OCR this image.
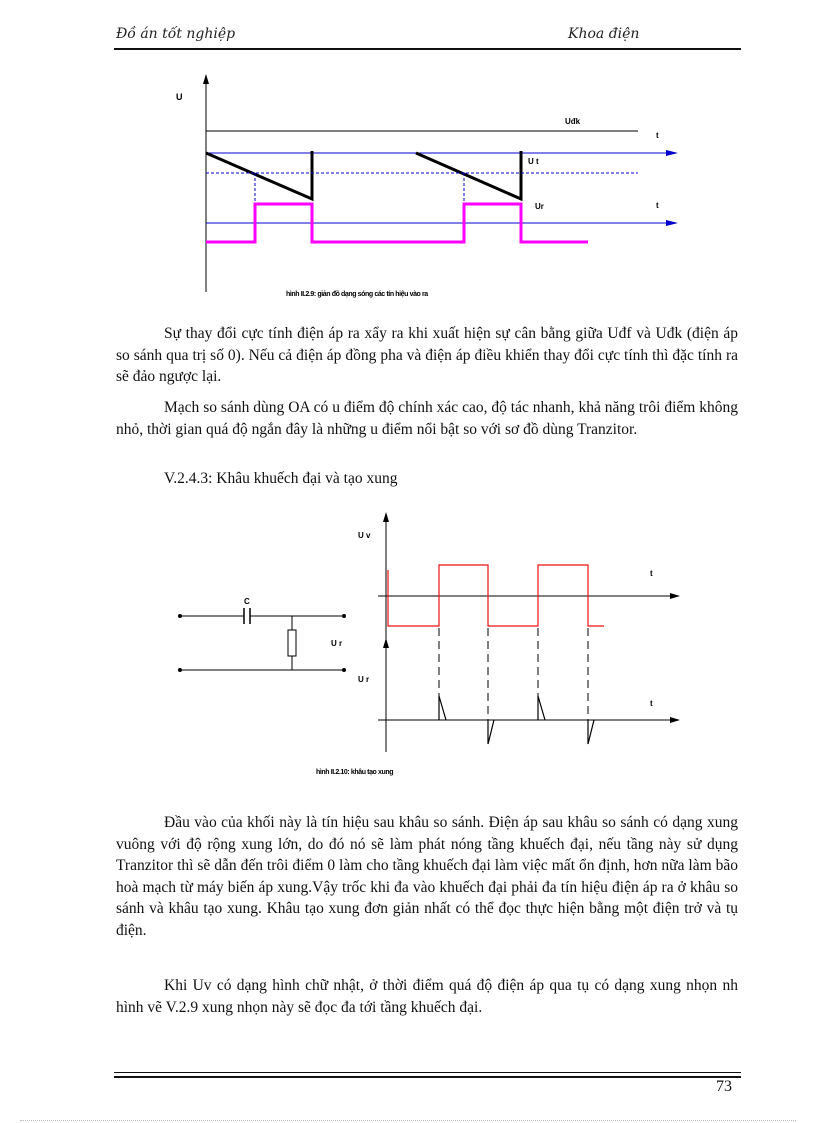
Đồ án tốt nghiệp	Khoa điện
U
Uđk
t
U t
Ur	t
hình II.2.9: giản đồ dạng sóng các tín hiệu vào ra

Sự thay đổi cực tính điện áp ra xẩy ra khi xuất hiện sự cân bằng giữa Uđf và Uđk (điện áp so sánh qua trị số 0). Nếu cả điện áp đồng pha và điện áp điều khiển thay đổi cực tính thì đặc tính ra sẽ đảo ngược lại.

Mạch so sánh dùng OA có u điểm độ chính xác cao, độ tác nhanh, khả năng trôi điểm không nhỏ, thời gian quá độ ngắn đây là những u điểm nổi bật so với sơ đồ dùng Tranzitor.

V.2.4.3: Khâu khuếch đại và tạo xung
C
U r
U v
t
U r
t
hình II.2.10: khâu tạo xung

Đầu vào của khối này là tín hiệu sau khâu so sánh. Điện áp sau khâu so sánh có dạng xung vuông với độ rộng xung lớn, do đó nó sẽ làm phát nóng tầng khuếch đại, nếu tầng này sử dụng Tranzitor thì sẽ dẫn đến trôi điểm 0 làm cho tầng khuếch đại làm việc mất ổn định, hơn nữa làm bão hoà mạch từ máy biến áp xung.Vậy trốc khi đa vào khuếch đại phải đa tín hiệu điện áp ra ở khâu so sánh và khâu tạo xung. Khâu tạo xung đơn giản nhất có thể đọc thực hiện bằng một điện trở và tụ điện.

Khi Uv có dạng hình chữ nhật, ở thời điểm quá độ điện áp qua tụ có dạng xung nhọn nh hình vẽ V.2.9 xung nhọn này sẽ đọc đa tới tầng khuếch đại.

73
